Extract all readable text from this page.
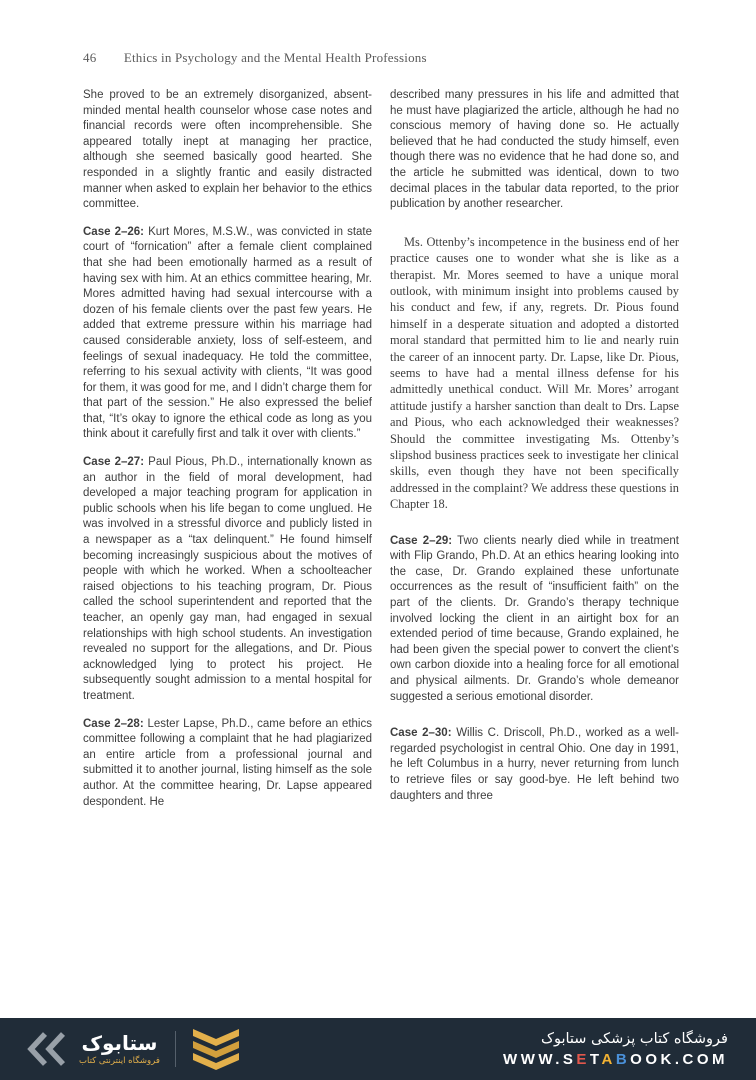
46 Ethics in Psychology and the Mental Health Professions

She proved to be an extremely disorganized, absent-minded mental health counselor whose case notes and financial records were often incomprehensible. She appeared totally inept at managing her practice, although she seemed basically good hearted. She responded in a slightly frantic and easily distracted manner when asked to explain her behavior to the ethics committee.

Case 2–26: Kurt Mores, M.S.W., was convicted in state court of “fornication” after a female client complained that she had been emotionally harmed as a result of having sex with him. At an ethics committee hearing, Mr. Mores admitted having had sexual intercourse with a dozen of his female clients over the past few years. He added that extreme pressure within his marriage had caused considerable anxiety, loss of self-esteem, and feelings of sexual inadequacy. He told the committee, referring to his sexual activity with clients, “It was good for them, it was good for me, and I didn’t charge them for that part of the session.” He also expressed the belief that, “It’s okay to ignore the ethical code as long as you think about it carefully first and talk it over with clients.”

Case 2–27: Paul Pious, Ph.D., internationally known as an author in the field of moral development, had developed a major teaching program for application in public schools when his life began to come unglued. He was involved in a stressful divorce and publicly listed in a newspaper as a “tax delinquent.” He found himself becoming increasingly suspicious about the motives of people with which he worked. When a schoolteacher raised objections to his teaching program, Dr. Pious called the school superintendent and reported that the teacher, an openly gay man, had engaged in sexual relationships with high school students. An investigation revealed no support for the allegations, and Dr. Pious acknowledged lying to protect his project. He subsequently sought admission to a mental hospital for treatment.

Case 2–28: Lester Lapse, Ph.D., came before an ethics committee following a complaint that he had plagiarized an entire article from a professional journal and submitted it to another journal, listing himself as the sole author. At the committee hearing, Dr. Lapse appeared despondent. He

described many pressures in his life and admitted that he must have plagiarized the article, although he had no conscious memory of having done so. He actually believed that he had conducted the study himself, even though there was no evidence that he had done so, and the article he submitted was identical, down to two decimal places in the tabular data reported, to the prior publication by another researcher.

Ms. Ottenby’s incompetence in the business end of her practice causes one to wonder what she is like as a therapist. Mr. Mores seemed to have a unique moral outlook, with minimum insight into problems caused by his conduct and few, if any, regrets. Dr. Pious found himself in a desperate situation and adopted a distorted moral standard that permitted him to lie and nearly ruin the career of an innocent party. Dr. Lapse, like Dr. Pious, seems to have had a mental illness defense for his admittedly unethical conduct. Will Mr. Mores’ arrogant attitude justify a harsher sanction than dealt to Drs. Lapse and Pious, who each acknowledged their weaknesses? Should the committee investigating Ms. Ottenby’s slipshod business practices seek to investigate her clinical skills, even though they have not been specifically addressed in the complaint? We address these questions in Chapter 18.

Case 2–29: Two clients nearly died while in treatment with Flip Grando, Ph.D. At an ethics hearing looking into the case, Dr. Grando explained these unfortunate occurrences as the result of “insufficient faith” on the part of the clients. Dr. Grando’s therapy technique involved locking the client in an airtight box for an extended period of time because, Grando explained, he had been given the special power to convert the client’s own carbon dioxide into a healing force for all emotional and physical ailments. Dr. Grando’s whole demeanor suggested a serious emotional disorder.

Case 2–30: Willis C. Driscoll, Ph.D., worked as a well-regarded psychologist in central Ohio. One day in 1991, he left Columbus in a hurry, never returning from lunch to retrieve files or say good-bye. He left behind two daughters and three

ستابوک
فروشگاه اینترنتی کتاب
فروشگاه کتاب پزشکی ستابوک
WWW.SETABOOK.COM
